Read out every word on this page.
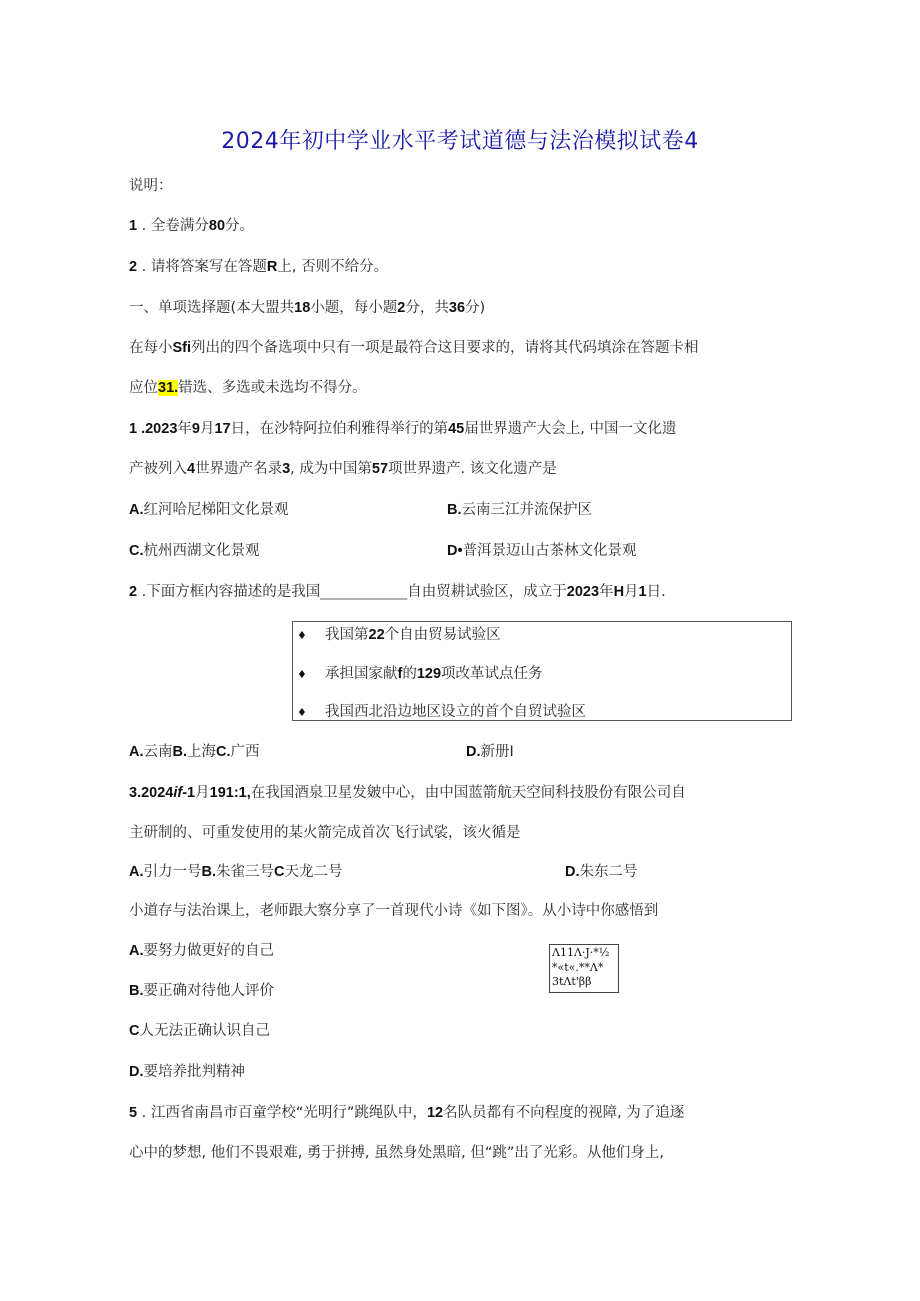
2024年初中学业水平考试道德与法治模拟试卷4
说明：
1 . 全卷满分80分。
2 . 请将答案写在答题R上, 否则不给分。
一、单项选择题(本大盟共18小题，每小题2分，共36分)
在每小Sfi列出的四个备选项中只有一项是最符合这目要求的，请将其代码填涂在答题卡相
应位31.错选、多选或未选均不得分。
1 .2023年9月17日，在沙特阿拉伯利雅得举行的第45届世界遗产大会上, 中国一文化遗
产被列入4世界遗产名录3, 成为中国第57项世界遗产. 该文化遗产是
A.红河哈尼梯阳文化景观	B.云南三江并流保护区
C.杭州西湖文化景观	D•普洱景迈山古茶林文化景观
2 .下面方框内容描述的是我国____________自由贸耕试验区，成立于2023年H月1日.
♦ 我国第22个自由贸易试验区
♦ 承担国家献f的129项改革试点任务
♦ 我国西北沿边地区设立的首个自贸试验区
A.云南B.上海C.广西	D.新册I
3.2024if-1月191:1,在我国酒泉卫星发皴中心，由中国蓝箭航天空间科技股份有限公司自
主研制的、可重发使用的某火箭完成首次飞行试裟，该火循是
A.引力一号B.朱雀三号C天龙二号	D.朱东二号
小道存与法治课上，老师跟大察分享了一首现代小诗《如下图》。从小诗中你感悟到
A.要努力做更好的自己
B.要正确对待他人评价
C人无法正确认识自己
D.要培养批判精神
Λ11Λ·J·*½
*«t«.**Λ*
3tΛt'ββ
5 . 江西省南昌市百童学校“光明行”跳绳队中，12名队员都有不向程度的视障, 为了追逐
心中的梦想, 他们不畏艰难, 勇于拼搏, 虽然身处黑暗, 但“跳”出了光彩。从他们身上,
